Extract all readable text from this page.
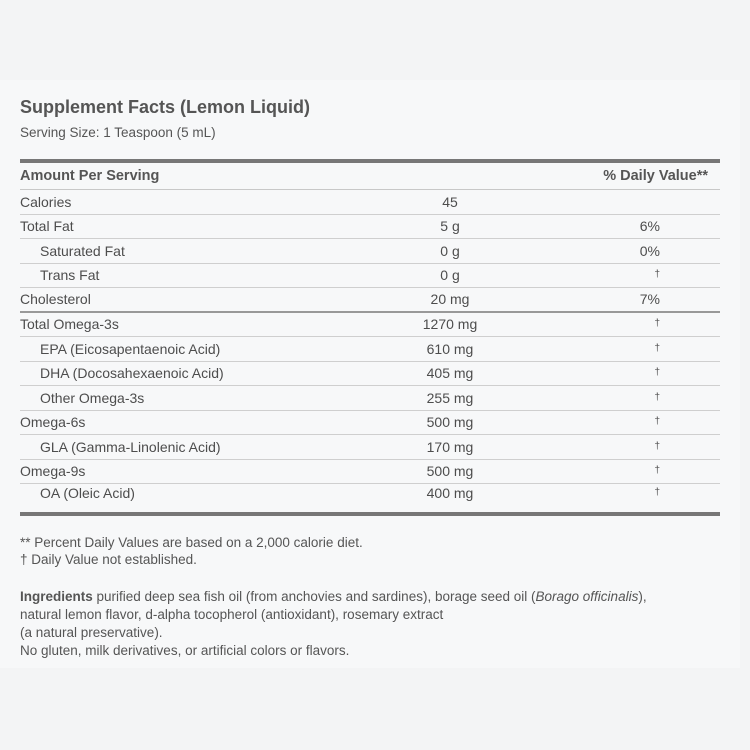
Supplement Facts (Lemon Liquid)
Serving Size: 1 Teaspoon (5 mL)
Amount Per Serving	% Daily Value**
Calories	45
Total Fat	5 g	6%
Saturated Fat	0 g	0%
Trans Fat	0 g	†
Cholesterol	20 mg	7%
Total Omega-3s	1270 mg	†
EPA (Eicosapentaenoic Acid)	610 mg	†
DHA (Docosahexaenoic Acid)	405 mg	†
Other Omega-3s	255 mg	†
Omega-6s	500 mg	†
GLA (Gamma-Linolenic Acid)	170 mg	†
Omega-9s	500 mg	†
OA (Oleic Acid)	400 mg	†
** Percent Daily Values are based on a 2,000 calorie diet.
† Daily Value not established.
Ingredients purified deep sea fish oil (from anchovies and sardines), borage seed oil (Borago officinalis),
natural lemon flavor, d-alpha tocopherol (antioxidant), rosemary extract
(a natural preservative).
No gluten, milk derivatives, or artificial colors or flavors.
